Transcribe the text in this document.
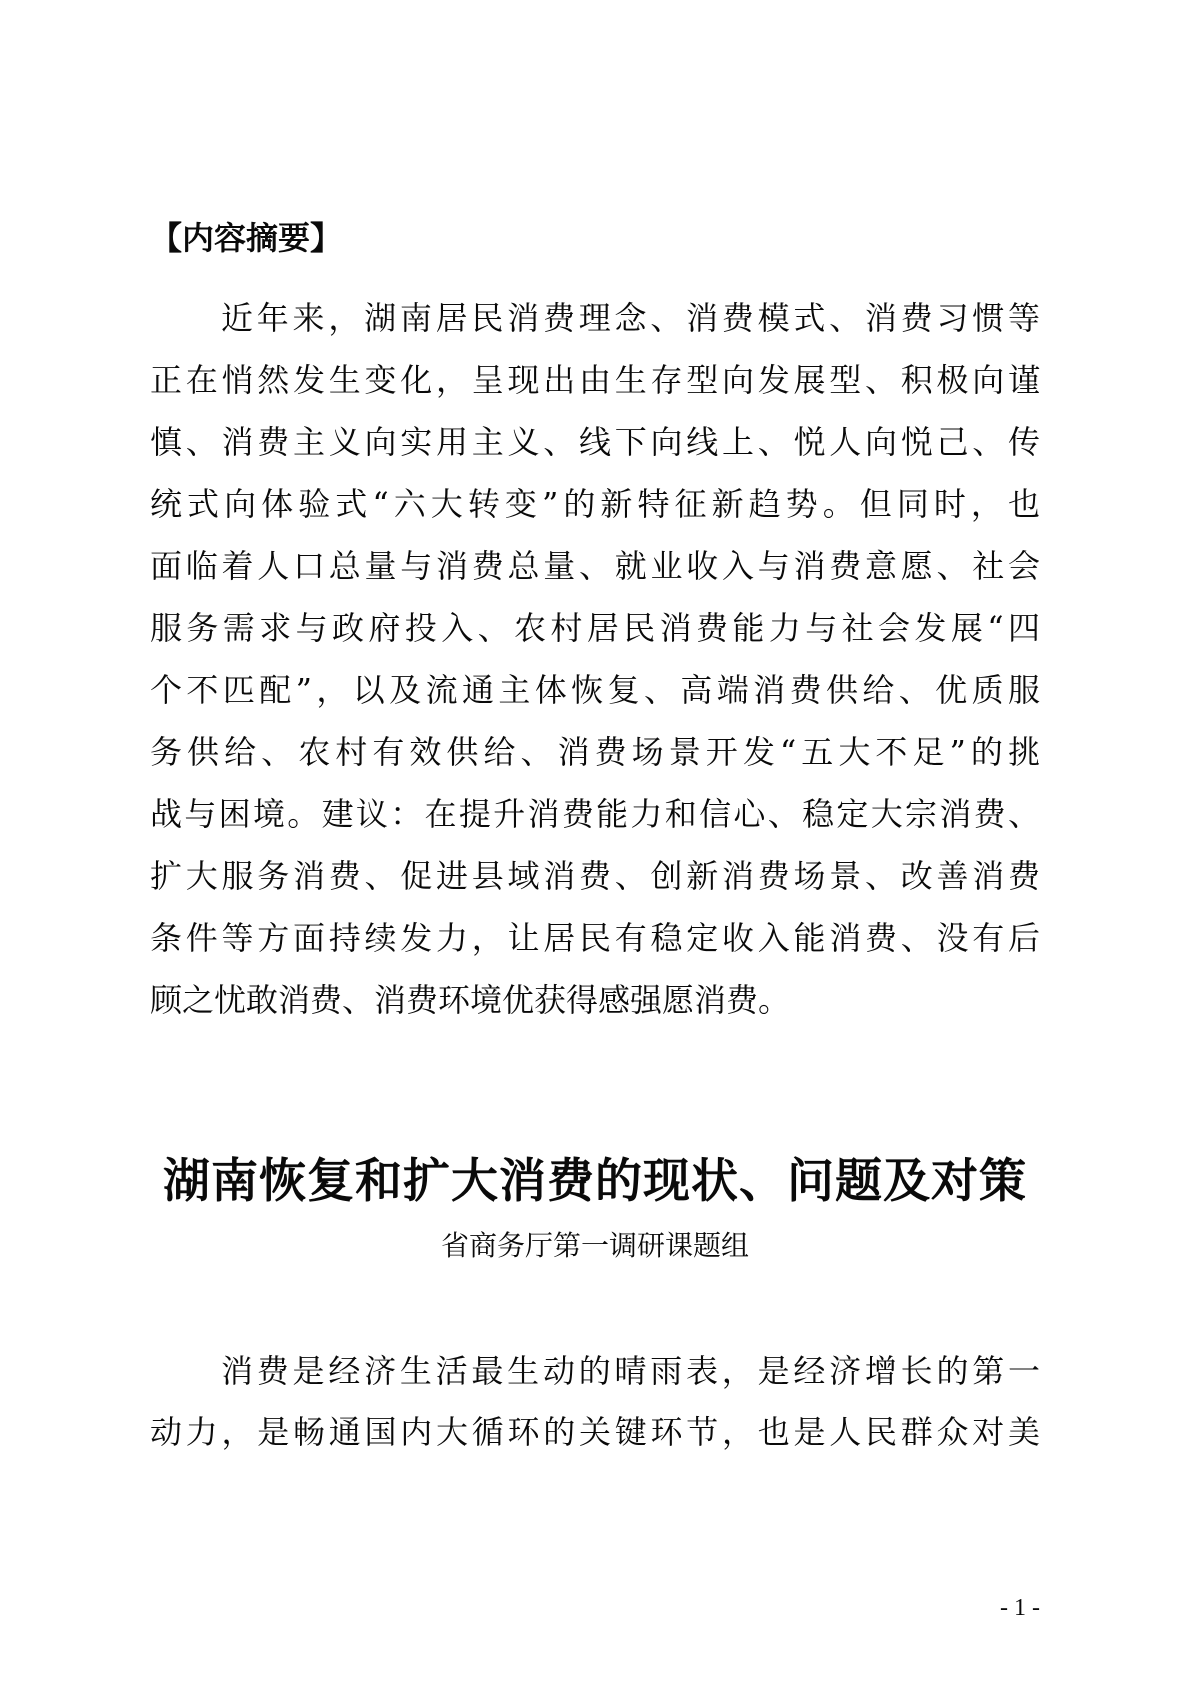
【内容摘要】
近年来，湖南居民消费理念、消费模式、消费习惯等
正在悄然发生变化，呈现出由生存型向发展型、积极向谨
慎、消费主义向实用主义、线下向线上、悦人向悦己、传
统式向体验式“六大转变”的新特征新趋势。但同时，也
面临着人口总量与消费总量、就业收入与消费意愿、社会
服务需求与政府投入、农村居民消费能力与社会发展“四
个不匹配”，以及流通主体恢复、高端消费供给、优质服
务供给、农村有效供给、消费场景开发“五大不足”的挑
战与困境。建议：在提升消费能力和信心、稳定大宗消费、
扩大服务消费、促进县域消费、创新消费场景、改善消费
条件等方面持续发力，让居民有稳定收入能消费、没有后
顾之忧敢消费、消费环境优获得感强愿消费。
湖南恢复和扩大消费的现状、问题及对策
省商务厅第一调研课题组
消费是经济生活最生动的晴雨表，是经济增长的第一
动力，是畅通国内大循环的关键环节，也是人民群众对美
- 1 -
